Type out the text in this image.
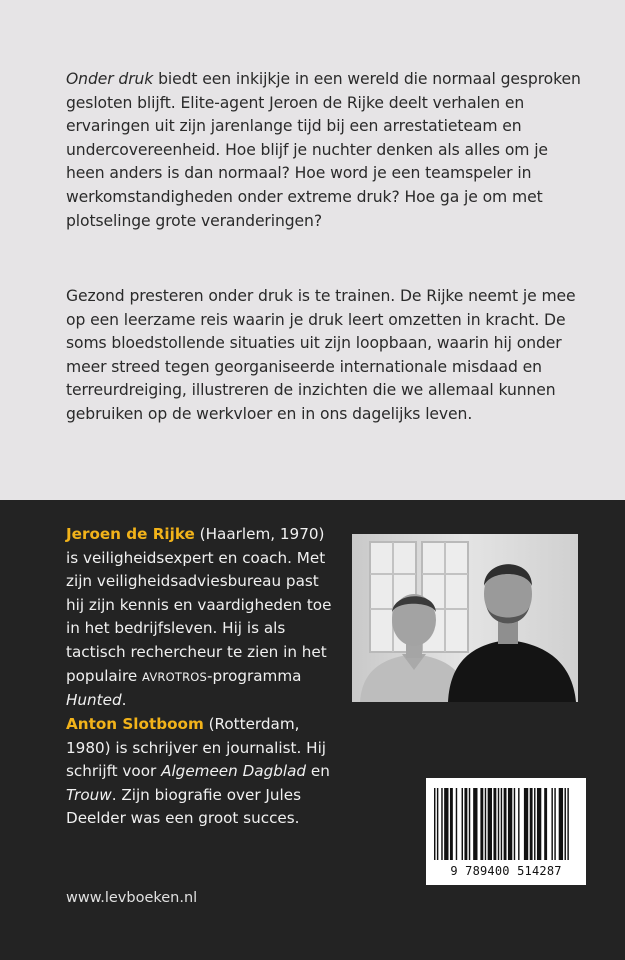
Onder druk biedt een inkijkje in een wereld die normaal gesproken gesloten blijft. Elite-agent Jeroen de Rijke deelt verhalen en ervaringen uit zijn jarenlange tijd bij een arrestatieteam en undercovereenheid. Hoe blijf je nuchter denken als alles om je heen anders is dan normaal? Hoe word je een teamspeler in werkomstandigheden onder extreme druk? Hoe ga je om met plotselinge grote veranderingen?

Gezond presteren onder druk is te trainen. De Rijke neemt je mee op een leerzame reis waarin je druk leert omzetten in kracht. De soms bloedstollende situaties uit zijn loopbaan, waarin hij onder meer streed tegen georganiseerde internationale misdaad en terreurdreiging, illustreren de inzichten die we allemaal kunnen gebruiken op de werkvloer en in ons dagelijks leven.

Jeroen de Rijke (Haarlem, 1970) is veiligheidsexpert en coach. Met zijn veiligheidsadviesbureau past hij zijn kennis en vaardigheden toe in het bedrijfsleven. Hij is als tactisch rechercheur te zien in het populaire AVROTROS-programma Hunted.

Anton Slotboom (Rotterdam, 1980) is schrijver en journalist. Hij schrijft voor Algemeen Dagblad en Trouw. Zijn biografie over Jules Deelder was een groot succes.

9 789400 514287

www.levboeken.nl
